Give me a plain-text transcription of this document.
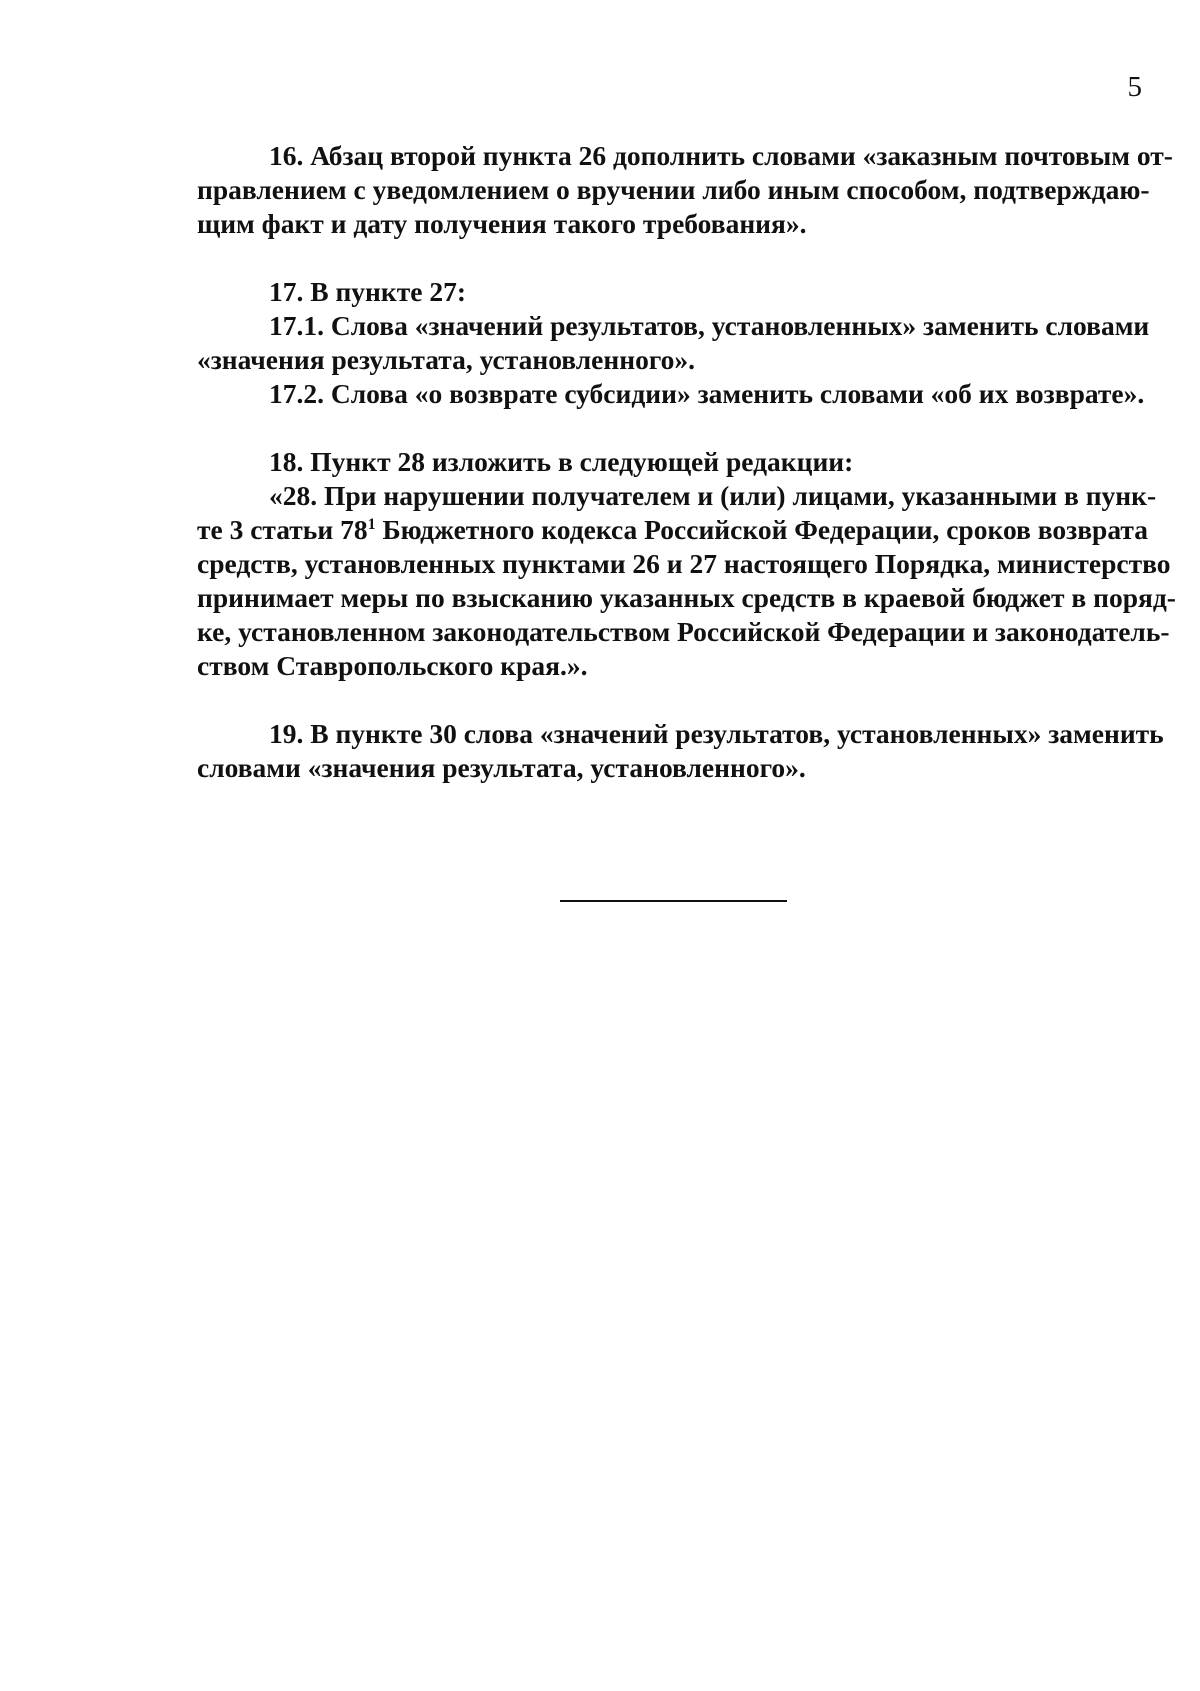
5
16. Абзац второй пункта 26 дополнить словами «заказным почтовым от-
правлением с уведомлением о вручении либо иным способом, подтверждаю-
щим факт и дату получения такого требования».
17. В пункте 27:
17.1. Слова «значений результатов, установленных» заменить словами
«значения результата, установленного».
17.2. Слова «о возврате субсидии» заменить словами «об их возврате».
18. Пункт 28 изложить в следующей редакции:
«28. При нарушении получателем и (или) лицами, указанными в пунк-
те 3 статьи $78^1$ Бюджетного кодекса Российской Федерации, сроков возврата
средств, установленных пунктами 26 и 27 настоящего Порядка, министерство
принимает меры по взысканию указанных средств в краевой бюджет в поряд-
ке, установленном законодательством Российской Федерации и законодатель-
ством Ставропольского края.».
19. В пункте 30 слова «значений результатов, установленных» заменить
словами «значения результата, установленного».
